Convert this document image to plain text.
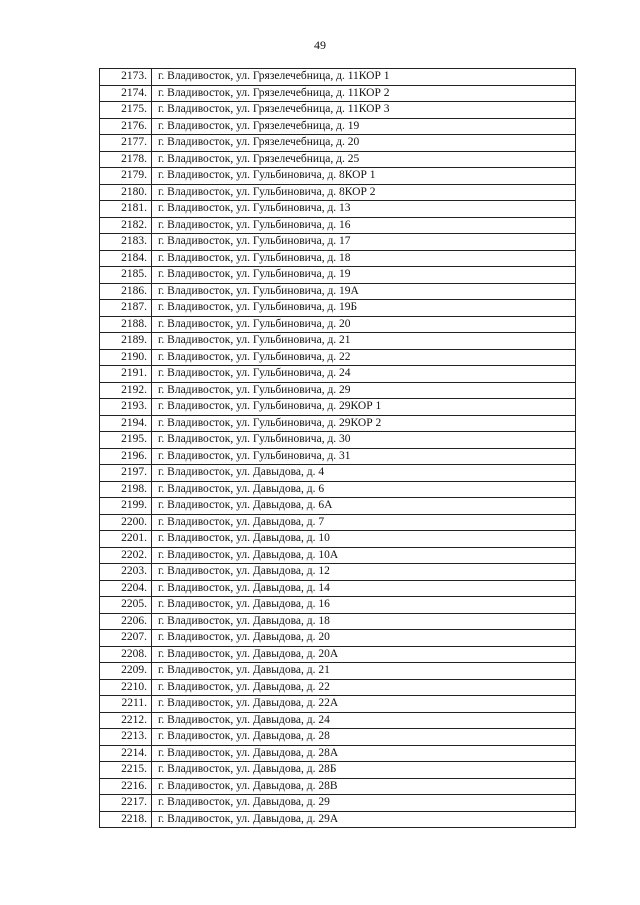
49
2173.	г. Владивосток, ул. Грязелечебница, д. 11КОР 1
2174.	г. Владивосток, ул. Грязелечебница, д. 11КОР 2
2175.	г. Владивосток, ул. Грязелечебница, д. 11КОР 3
2176.	г. Владивосток, ул. Грязелечебница, д. 19
2177.	г. Владивосток, ул. Грязелечебница, д. 20
2178.	г. Владивосток, ул. Грязелечебница, д. 25
2179.	г. Владивосток, ул. Гульбиновича, д. 8КОР 1
2180.	г. Владивосток, ул. Гульбиновича, д. 8КОР 2
2181.	г. Владивосток, ул. Гульбиновича, д. 13
2182.	г. Владивосток, ул. Гульбиновича, д. 16
2183.	г. Владивосток, ул. Гульбиновича, д. 17
2184.	г. Владивосток, ул. Гульбиновича, д. 18
2185.	г. Владивосток, ул. Гульбиновича, д. 19
2186.	г. Владивосток, ул. Гульбиновича, д. 19А
2187.	г. Владивосток, ул. Гульбиновича, д. 19Б
2188.	г. Владивосток, ул. Гульбиновича, д. 20
2189.	г. Владивосток, ул. Гульбиновича, д. 21
2190.	г. Владивосток, ул. Гульбиновича, д. 22
2191.	г. Владивосток, ул. Гульбиновича, д. 24
2192.	г. Владивосток, ул. Гульбиновича, д. 29
2193.	г. Владивосток, ул. Гульбиновича, д. 29КОР 1
2194.	г. Владивосток, ул. Гульбиновича, д. 29КОР 2
2195.	г. Владивосток, ул. Гульбиновича, д. 30
2196.	г. Владивосток, ул. Гульбиновича, д. 31
2197.	г. Владивосток, ул. Давыдова, д. 4
2198.	г. Владивосток, ул. Давыдова, д. 6
2199.	г. Владивосток, ул. Давыдова, д. 6А
2200.	г. Владивосток, ул. Давыдова, д. 7
2201.	г. Владивосток, ул. Давыдова, д. 10
2202.	г. Владивосток, ул. Давыдова, д. 10А
2203.	г. Владивосток, ул. Давыдова, д. 12
2204.	г. Владивосток, ул. Давыдова, д. 14
2205.	г. Владивосток, ул. Давыдова, д. 16
2206.	г. Владивосток, ул. Давыдова, д. 18
2207.	г. Владивосток, ул. Давыдова, д. 20
2208.	г. Владивосток, ул. Давыдова, д. 20А
2209.	г. Владивосток, ул. Давыдова, д. 21
2210.	г. Владивосток, ул. Давыдова, д. 22
2211.	г. Владивосток, ул. Давыдова, д. 22А
2212.	г. Владивосток, ул. Давыдова, д. 24
2213.	г. Владивосток, ул. Давыдова, д. 28
2214.	г. Владивосток, ул. Давыдова, д. 28А
2215.	г. Владивосток, ул. Давыдова, д. 28Б
2216.	г. Владивосток, ул. Давыдова, д. 28В
2217.	г. Владивосток, ул. Давыдова, д. 29
2218.	г. Владивосток, ул. Давыдова, д. 29А
